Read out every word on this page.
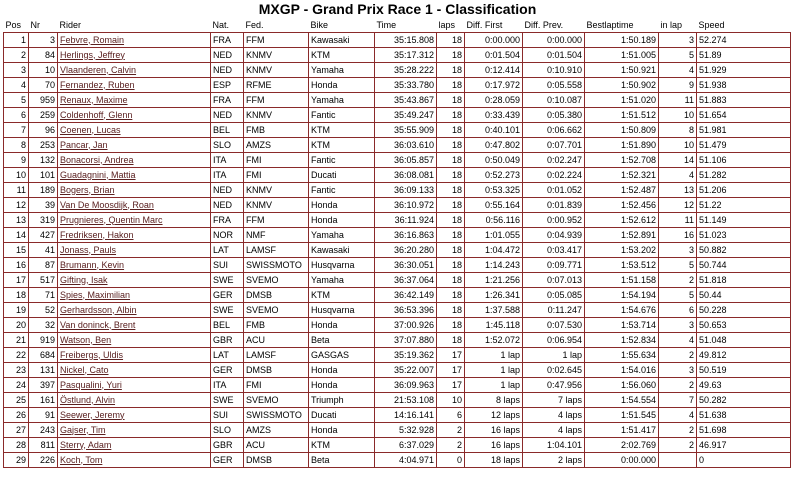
MXGP - Grand Prix Race 1 - Classification
Pos	Nr	Rider	Nat.	Fed.	Bike	Time	laps	Diff. First	Diff. Prev.	Bestlaptime	in lap	Speed
1	3	Febvre, Romain	FRA	FFM	Kawasaki	35:15.808	18	0:00.000	0:00.000	1:50.189	3	52.274
2	84	Herlings, Jeffrey	NED	KNMV	KTM	35:17.312	18	0:01.504	0:01.504	1:51.005	5	51.89
3	10	Vlaanderen, Calvin	NED	KNMV	Yamaha	35:28.222	18	0:12.414	0:10.910	1:50.921	4	51.929
4	70	Fernandez, Ruben	ESP	RFME	Honda	35:33.780	18	0:17.972	0:05.558	1:50.902	9	51.938
5	959	Renaux, Maxime	FRA	FFM	Yamaha	35:43.867	18	0:28.059	0:10.087	1:51.020	11	51.883
6	259	Coldenhoff, Glenn	NED	KNMV	Fantic	35:49.247	18	0:33.439	0:05.380	1:51.512	10	51.654
7	96	Coenen, Lucas	BEL	FMB	KTM	35:55.909	18	0:40.101	0:06.662	1:50.809	8	51.981
8	253	Pancar, Jan	SLO	AMZS	KTM	36:03.610	18	0:47.802	0:07.701	1:51.890	10	51.479
9	132	Bonacorsi, Andrea	ITA	FMI	Fantic	36:05.857	18	0:50.049	0:02.247	1:52.708	14	51.106
10	101	Guadagnini, Mattia	ITA	FMI	Ducati	36:08.081	18	0:52.273	0:02.224	1:52.321	4	51.282
11	189	Bogers, Brian	NED	KNMV	Fantic	36:09.133	18	0:53.325	0:01.052	1:52.487	13	51.206
12	39	Van De Moosdijk, Roan	NED	KNMV	Honda	36:10.972	18	0:55.164	0:01.839	1:52.456	12	51.22
13	319	Prugnieres, Quentin Marc	FRA	FFM	Honda	36:11.924	18	0:56.116	0:00.952	1:52.612	11	51.149
14	427	Fredriksen, Hakon	NOR	NMF	Yamaha	36:16.863	18	1:01.055	0:04.939	1:52.891	16	51.023
15	41	Jonass, Pauls	LAT	LAMSF	Kawasaki	36:20.280	18	1:04.472	0:03.417	1:53.202	3	50.882
16	87	Brumann, Kevin	SUI	SWISSMOTO	Husqvarna	36:30.051	18	1:14.243	0:09.771	1:53.512	5	50.744
17	517	Gifting, Isak	SWE	SVEMO	Yamaha	36:37.064	18	1:21.256	0:07.013	1:51.158	2	51.818
18	71	Spies, Maximilian	GER	DMSB	KTM	36:42.149	18	1:26.341	0:05.085	1:54.194	5	50.44
19	52	Gerhardsson, Albin	SWE	SVEMO	Husqvarna	36:53.396	18	1:37.588	0:11.247	1:54.676	6	50.228
20	32	Van doninck, Brent	BEL	FMB	Honda	37:00.926	18	1:45.118	0:07.530	1:53.714	3	50.653
21	919	Watson, Ben	GBR	ACU	Beta	37:07.880	18	1:52.072	0:06.954	1:52.834	4	51.048
22	684	Freibergs, Uldis	LAT	LAMSF	GASGAS	35:19.362	17	1 lap	1 lap	1:55.634	2	49.812
23	131	Nickel, Cato	GER	DMSB	Honda	35:22.007	17	1 lap	0:02.645	1:54.016	3	50.519
24	397	Pasqualini, Yuri	ITA	FMI	Honda	36:09.963	17	1 lap	0:47.956	1:56.060	2	49.63
25	161	Östlund, Alvin	SWE	SVEMO	Triumph	21:53.108	10	8 laps	7 laps	1:54.554	7	50.282
26	91	Seewer, Jeremy	SUI	SWISSMOTO	Ducati	14:16.141	6	12 laps	4 laps	1:51.545	4	51.638
27	243	Gajser, Tim	SLO	AMZS	Honda	5:32.928	2	16 laps	4 laps	1:51.417	2	51.698
28	811	Sterry, Adam	GBR	ACU	KTM	6:37.029	2	16 laps	1:04.101	2:02.769	2	46.917
29	226	Koch, Tom	GER	DMSB	Beta	4:04.971	0	18 laps	2 laps	0:00.000		0
